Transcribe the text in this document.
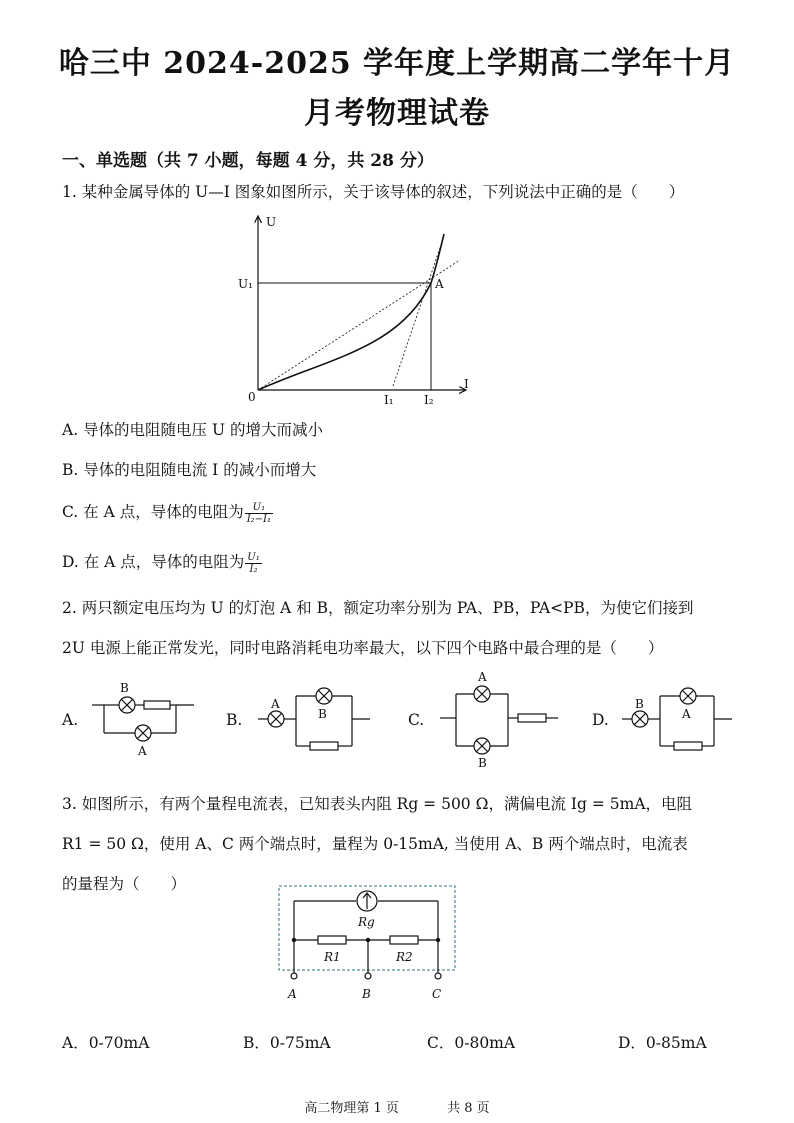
哈三中 2024-2025 学年度上学期高二学年十月
月考物理试卷
一、单选题（共 7 小题，每题 4 分，共 28 分）
1. 某种金属导体的 U—I 图象如图所示，关于该导体的叙述，下列说法中正确的是（　　）
U
I
0
U₁	A
I₁	I₂
A. 导体的电阻随电压 U 的增大而减小
B. 导体的电阻随电流 I 的减小而增大
C. 在 A 点，导体的电阻为 $\frac{\text{U₁}}{\text{I₂−I₁}}$
D. 在 A 点，导体的电阻为 $\frac{\text{U₁}}{\text{I₂}}$
2. 两只额定电压均为 U 的灯泡 A 和 B，额定功率分别为 PA、PB，PA<PB，为使它们接到
2U 电源上能正常发光，同时电路消耗电功率最大，以下四个电路中最合理的是（　　）
A.	B.	C.	D.
B
A
A
B
A
B
B
A
3. 如图所示，有两个量程电流表，已知表头内阻 Rg = 500 Ω，满偏电流 Ig = 5mA，电阻
R1 = 50 Ω，使用 A、C 两个端点时，量程为 0-15mA, 当使用 A、B 两个端点时，电流表
的量程为（　　）
Rg
R1	R2
A	B	C
A．0-70mA	B．0-75mA	C．0-80mA	D．0-85mA
高二物理第 1 页	共 8 页
